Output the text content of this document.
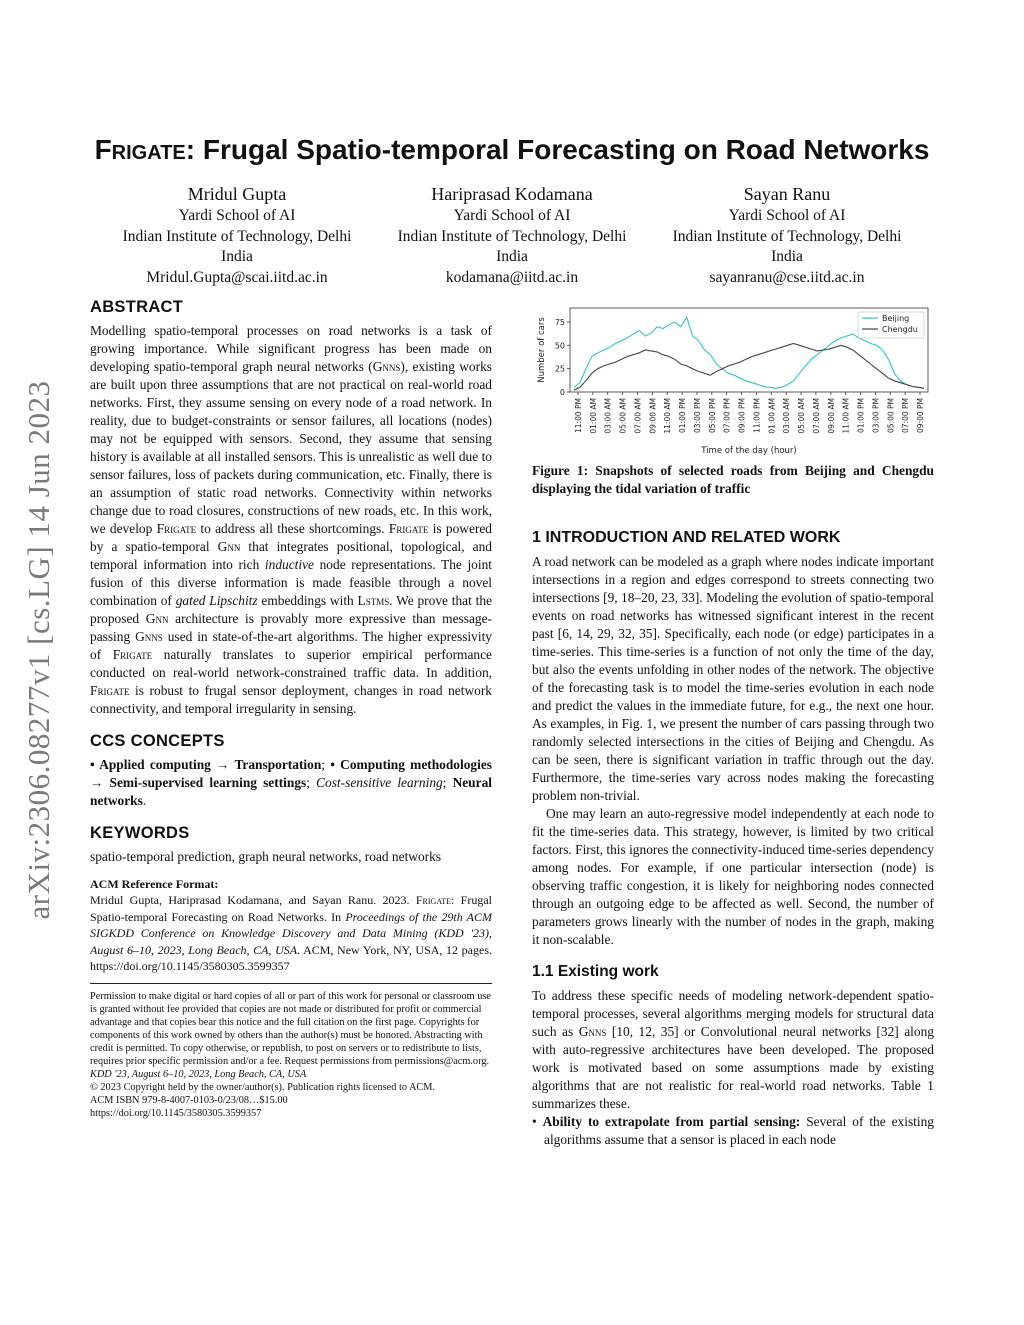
arXiv:2306.08277v1 [cs.LG] 14 Jun 2023
Frigate: Frugal Spatio-temporal Forecasting on Road Networks
Mridul Gupta
Yardi School of AI
Indian Institute of Technology, Delhi
India
Mridul.Gupta@scai.iitd.ac.in
Hariprasad Kodamana
Yardi School of AI
Indian Institute of Technology, Delhi
India
kodamana@iitd.ac.in
Sayan Ranu
Yardi School of AI
Indian Institute of Technology, Delhi
India
sayanranu@cse.iitd.ac.in
ABSTRACT

Modelling spatio-temporal processes on road networks is a task of growing importance. While significant progress has been made on developing spatio-temporal graph neural networks (Gnns), existing works are built upon three assumptions that are not practical on real-world road networks. First, they assume sensing on every node of a road network. In reality, due to budget-constraints or sensor failures, all locations (nodes) may not be equipped with sensors. Second, they assume that sensing history is available at all installed sensors. This is unrealistic as well due to sensor failures, loss of packets during communication, etc. Finally, there is an assumption of static road networks. Connectivity within networks change due to road closures, constructions of new roads, etc. In this work, we develop Frigate to address all these shortcomings. Frigate is powered by a spatio-temporal Gnn that integrates positional, topological, and temporal information into rich inductive node representations. The joint fusion of this diverse information is made feasible through a novel combination of gated Lipschitz embeddings with Lstms. We prove that the proposed Gnn architecture is provably more expressive than message-passing Gnns used in state-of-the-art algorithms. The higher expressivity of Frigate naturally translates to superior empirical performance conducted on real-world network-constrained traffic data. In addition, Frigate is robust to frugal sensor deployment, changes in road network connectivity, and temporal irregularity in sensing.

CCS CONCEPTS

• Applied computing → Transportation; • Computing methodologies → Semi-supervised learning settings; Cost-sensitive learning; Neural networks.

KEYWORDS

spatio-temporal prediction, graph neural networks, road networks

ACM Reference Format:

Mridul Gupta, Hariprasad Kodamana, and Sayan Ranu. 2023. Frigate: Frugal Spatio-temporal Forecasting on Road Networks. In Proceedings of the 29th ACM SIGKDD Conference on Knowledge Discovery and Data Mining (KDD '23), August 6–10, 2023, Long Beach, CA, USA. ACM, New York, NY, USA, 12 pages. https://doi.org/10.1145/3580305.3599357

Permission to make digital or hard copies of all or part of this work for personal or classroom use is granted without fee provided that copies are not made or distributed for profit or commercial advantage and that copies bear this notice and the full citation on the first page. Copyrights for components of this work owned by others than the author(s) must be honored. Abstracting with credit is permitted. To copy otherwise, or republish, to post on servers or to redistribute to lists, requires prior specific permission and/or a fee. Request permissions from permissions@acm.org.
KDD '23, August 6–10, 2023, Long Beach, CA, USA
© 2023 Copyright held by the owner/author(s). Publication rights licensed to ACM.
ACM ISBN 979-8-4007-0103-0/23/08…$15.00
https://doi.org/10.1145/3580305.3599357
0
25
50
75
11:00 PM 01:00 AM 03:00 AM 05:00 AM 07:00 AM 09:00 AM 11:00 AM 01:00 PM 03:00 PM 05:00 PM 07:00 PM 09:00 PM 11:00 PM 01:00 AM 03:00 AM 05:00 AM 07:00 AM 09:00 AM 11:00 AM 01:00 PM 03:00 PM 05:00 PM 07:00 PM 09:00 PM
Time of the day (hour)
Number of cars	Beijing
Chengdu
Figure 1: Snapshots of selected roads from Beijing and Chengdu displaying the tidal variation of traffic
1 INTRODUCTION AND RELATED WORK

A road network can be modeled as a graph where nodes indicate important intersections in a region and edges correspond to streets connecting two intersections [9, 18–20, 23, 33]. Modeling the evolution of spatio-temporal events on road networks has witnessed significant interest in the recent past [6, 14, 29, 32, 35]. Specifically, each node (or edge) participates in a time-series. This time-series is a function of not only the time of the day, but also the events unfolding in other nodes of the network. The objective of the forecasting task is to model the time-series evolution in each node and predict the values in the immediate future, for e.g., the next one hour. As examples, in Fig. 1, we present the number of cars passing through two randomly selected intersections in the cities of Beijing and Chengdu. As can be seen, there is significant variation in traffic through out the day. Furthermore, the time-series vary across nodes making the forecasting problem non-trivial.

One may learn an auto-regressive model independently at each node to fit the time-series data. This strategy, however, is limited by two critical factors. First, this ignores the connectivity-induced time-series dependency among nodes. For example, if one particular intersection (node) is observing traffic congestion, it is likely for neighboring nodes connected through an outgoing edge to be affected as well. Second, the number of parameters grows linearly with the number of nodes in the graph, making it non-scalable.

1.1 Existing work

To address these specific needs of modeling network-dependent spatio-temporal processes, several algorithms merging models for structural data such as Gnns [10, 12, 35] or Convolutional neural networks [32] along with auto-regressive architectures have been developed. The proposed work is motivated based on some assumptions made by existing algorithms that are not realistic for real-world road networks. Table 1 summarizes these.

• Ability to extrapolate from partial sensing: Several of the existing algorithms assume that a sensor is placed in each node
